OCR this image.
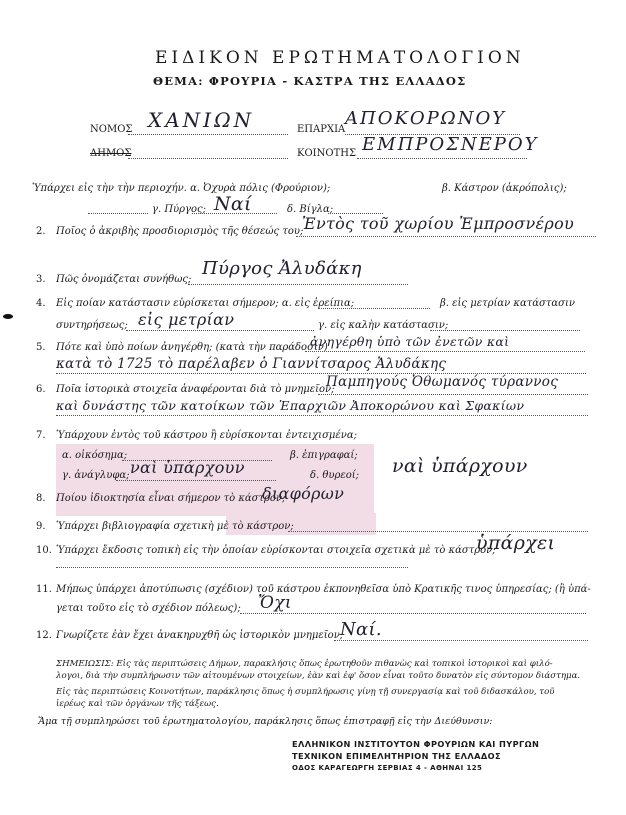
ΕΙΔΙΚΟΝ ΕΡΩΤΗΜΑΤΟΛΟΓΙΟΝ
ΘΕΜΑ: ΦΡΟΥΡΙΑ - ΚΑΣΤΡΑ ΤΗΣ ΕΛΛΑΔΟΣ
ΝΟΜΟΣ ΧΑΝΙΩΝ	ΕΠΑΡΧΙΑ
ΑΠΟΚΟΡΩΝΟΥ
ΔΗΜΟΣ	ΚΟΙΝΟΤΗΣ ΕΜΠΡΟΣΝΕΡΟΥ
Ὑπάρχει εἰς τὴν τὴν περιοχήν. α. Ὀχυρὰ πόλις (Φρούριον);	β. Κάστρον (ἀκρόπολις);
γ. Πύργος; Ναί	δ. Βίγλα;
2. Ποῖος ὁ ἀκριβὴς προσδιορισμὸς τῆς θέσεώς του;
Ἐντὸς τοῦ χωρίου Ἐμπροσνέρου
3. Πῶς ὀνομάζεται συνήθως;
Πύργος Ἀλυδάκη
4. Εἰς ποίαν κατάστασιν εὑρίσκεται σήμερον; α. εἰς ἐρείπια;	β. εἰς μετρίαν κατάστασιν
συντηρήσεως; εἰς μετρίαν	γ. εἰς καλὴν κατάστασιν;
5. Πότε καὶ ὑπὸ ποίων ἀνηγέρθη; (κατὰ τὴν παράδοσιν)
ἀνηγέρθη ὑπὸ τῶν ἐνετῶν καὶ
κατὰ τὸ 1725 τὸ παρέλαβεν ὁ Γιαννίτσαρος Ἀλυδάκης
6. Ποῖα ἱστορικὰ στοιχεῖα ἀναφέρονται διὰ τὸ μνημεῖον;
Παμπηγούς Ὀθωμανός τύραννος
καὶ δυνάστης τῶν κατοίκων τῶν Ἐπαρχιῶν Ἀποκορώνου καὶ Σφακίων
7. Ὑπάρχουν ἐντὸς τοῦ κάστρου ἢ εὑρίσκονται ἐντειχισμένα;
α. οἰκόσημα;	β. ἐπιγραφαί;
γ. ἀνάγλυφα; ναὶ ὑπάρχουν	δ. θυρεοί; ναὶ ὑπάρχουν
8. Ποίου ἰδιοκτησία εἶναι σήμερον τὸ κάστρον;
διαφόρων
9. Ὑπάρχει βιβλιογραφία σχετικὴ μὲ τὸ κάστρον;
10. Ὑπάρχει ἔκδοσις τοπικὴ εἰς τὴν ὁποίαν εὑρίσκονται στοιχεῖα σχετικὰ μὲ τὸ κάστρον;
ὑπάρχει
11. Μήπως ὑπάρχει ἀποτύπωσις (σχέδιον) τοῦ κάστρου ἐκπονηθεῖσα ὑπὸ Κρατικῆς τινος ὑπηρεσίας; (ἢ ὑπά-
γεται τοῦτο εἰς τὸ σχέδιον πόλεως); Ὄχι
12. Γνωρίζετε ἐὰν ἔχει ἀνακηρυχθῆ ὡς ἱστορικὸν μνημεῖον;
Ναί.
ΣΗΜΕΙΩΣΙΣ: Εἰς τὰς περιπτώσεις Δήμων, παρακλήσις ὅπως ἐρωτηθοῦν πιθανὼς καὶ τοπικοὶ ἱστορικοὶ καὶ φιλό-
λογοι, διὰ τὴν συμπλήρωσιν τῶν αἰτουμένων στοιχείων, ἐὰν καὶ ἐφ' ὅσον εἶναι τοῦτο δυνατὸν εἰς σύντομον διάστημα.
Εἰς τὰς περιπτώσεις Κοινοτήτων, παράκλησις ὅπως ἡ συμπλήρωσις γίνῃ τῇ συνεργασίᾳ καὶ τοῦ διδασκάλου, τοῦ
ἱερέως καὶ τῶν ὀργάνων τῆς τάξεως.
Ἅμα τῇ συμπληρώσει τοῦ ἐρωτηματολογίου, παράκλησις ὅπως ἐπιστραφῇ εἰς τὴν Διεύθυνσιν:
ΕΛΛΗΝΙΚΟΝ ΙΝΣΤΙΤΟΥΤΟΝ ΦΡΟΥΡΙΩΝ ΚΑΙ ΠΥΡΓΩΝ
ΤΕΧΝΙΚΟΝ ΕΠΙΜΕΛΗΤΗΡΙΟΝ ΤΗΣ ΕΛΛΑΔΟΣ
ΟΔΟΣ ΚΑΡΑΓΕΩΡΓΗ ΣΕΡΒΙΑΣ 4 - ΑΘΗΝΑΙ 125
